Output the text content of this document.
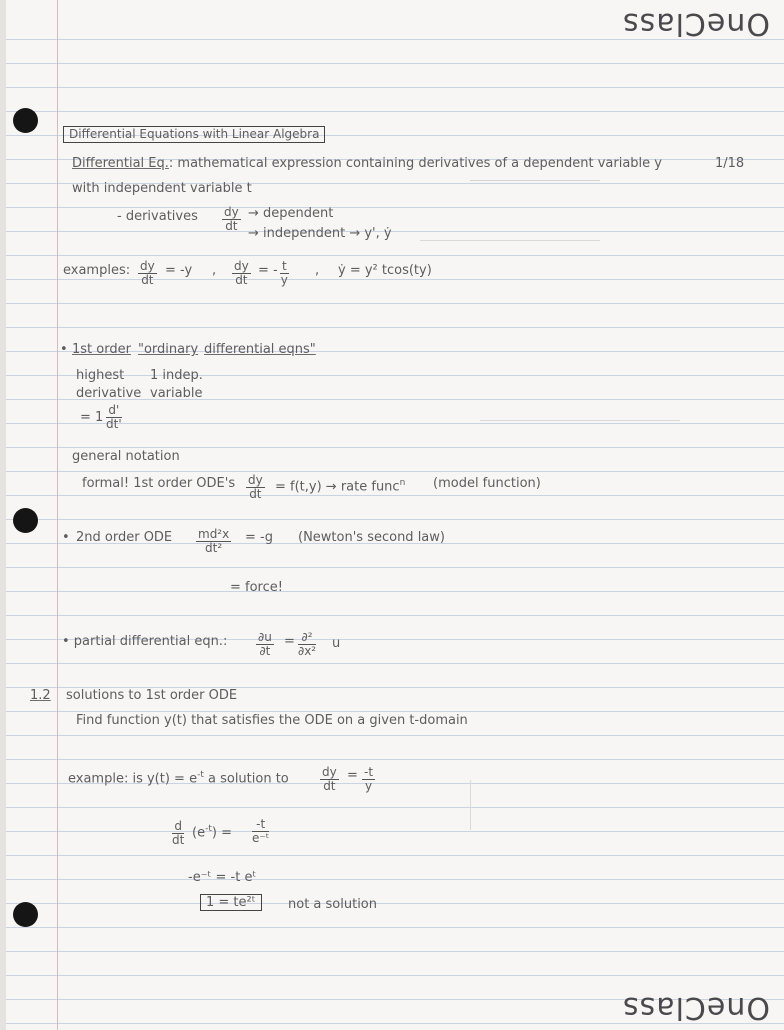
OneClass
OneClass
Differential Equations with Linear Algebra
1/18
Differential Eq.: mathematical expression containing derivatives of a dependent variable y
with independent variable t
- derivatives $\frac{dy}{dt}$ → dependent
→ independent → y', ẏ
examples: $\frac{dy}{dt} = -y$ , $\frac{dy}{dt}$ = - $\frac{t}{y}$ , ẏ = y² tcos(ty)
• 1st order "ordinary differential eqns"
highest 1 indep.
derivative variable
= $1 \frac{d'}{dt'}$
general notation
formal! 1st order $ODE's \frac{dy}{dt} = f(t,y)$ → rate func$^n$ (model function)
• 2nd order ODE $\frac{\text{md²x}}{\text{dt²}} = -g$ (Newton's second law)
= force!
• partial differential eqn.: $\frac{\partial u}{\partial t} = \partial^2$
∂x² u
1.2 solutions to 1st order ODE
Find function y(t) that satisfies the ODE on a given t-domain
example: is $y(t) = e^{-t}$ a solution to	$\frac{dy}{dt} = \frac{-t}{y}$
$\frac{d}{dt} (e^{-t}) = \frac{-t}{\text{e⁻ᵗ}}$
-e⁻ᵗ = -t eᵗ
1 = te²ᵗ	not a solution
